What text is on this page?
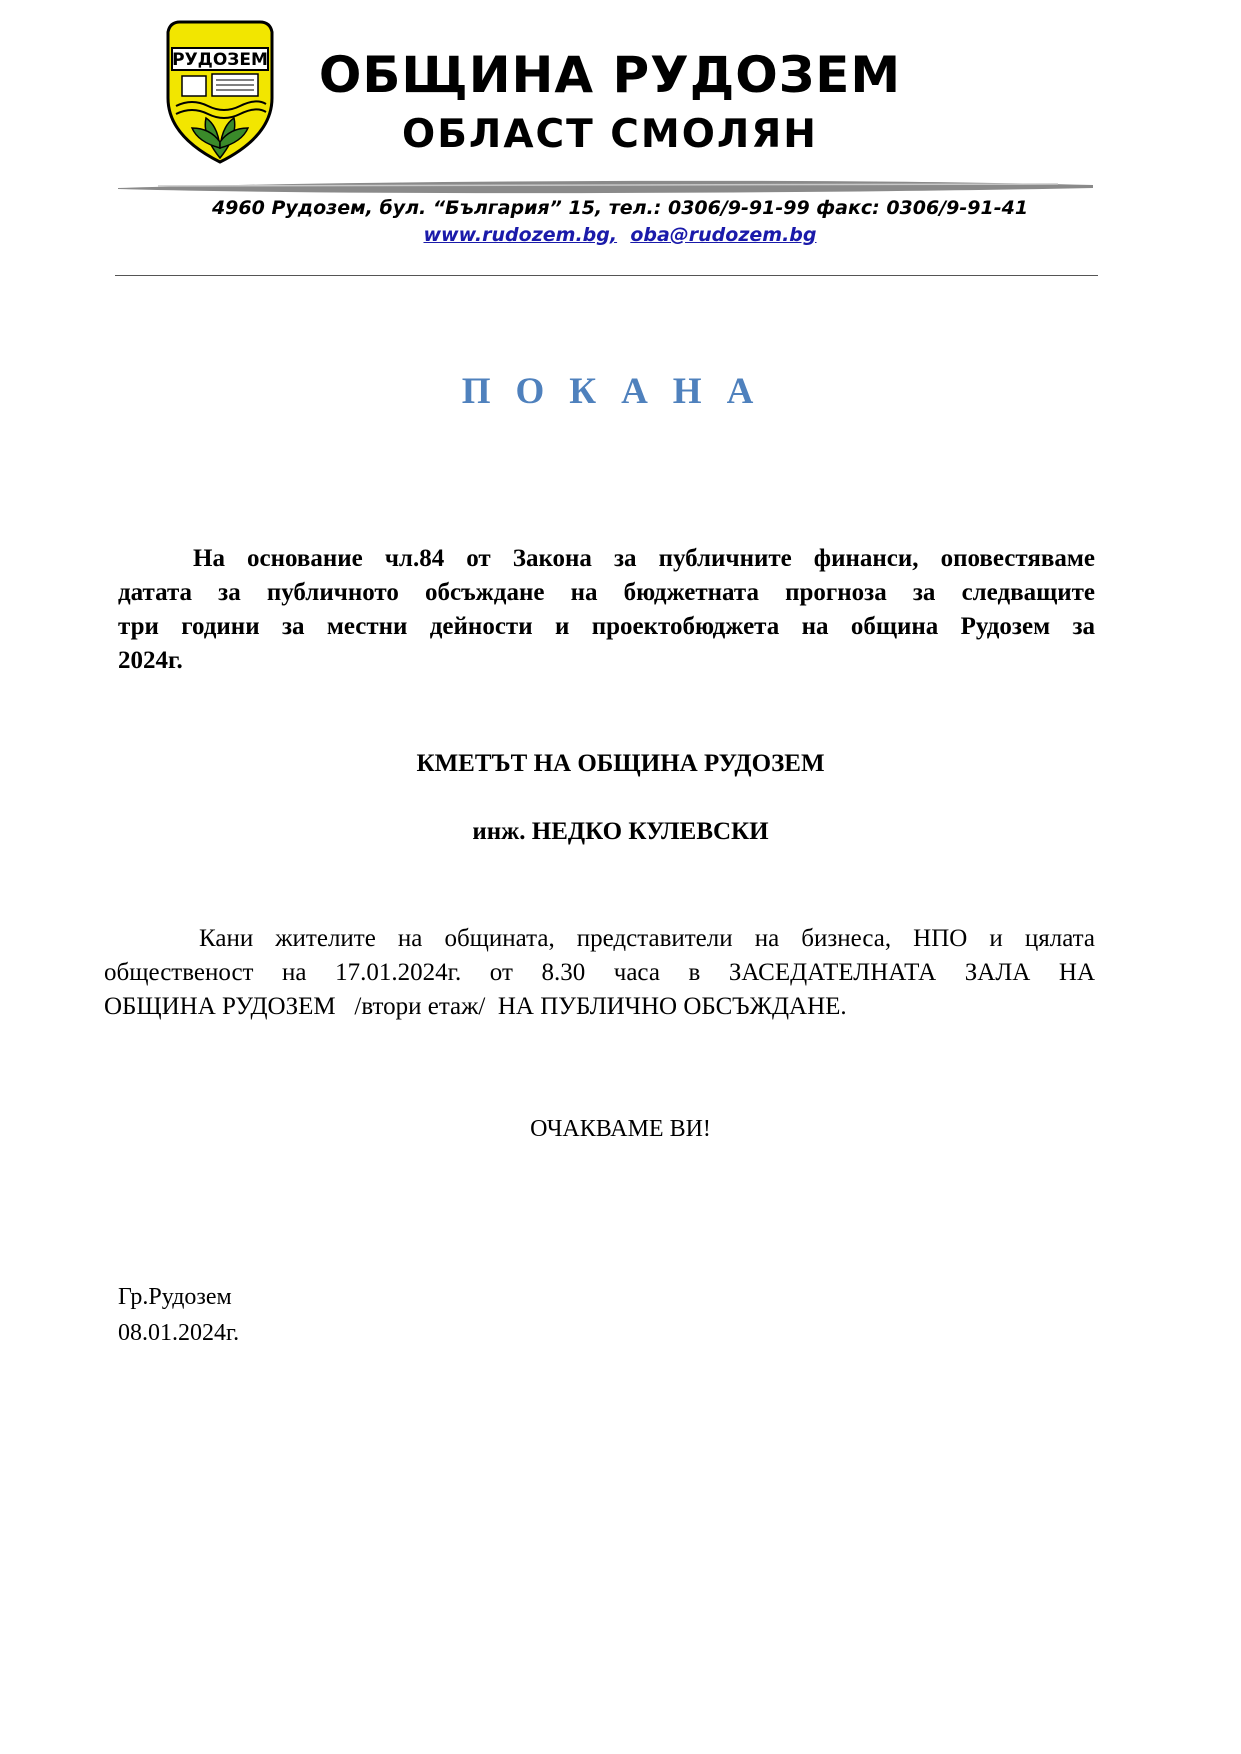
РУДОЗЕМ	ОБЩИНА РУДОЗЕМ
ОБЛАСТ СМОЛЯН
4960 Рудозем, бул. “България” 15, тел.: 0306/9-91-99 факс: 0306/9-91-41
www.rudozem.bg, oba@rudozem.bg
ПОКАНА
На основание чл.84 от Закона за публичните финанси, оповестяваме
датата за публичното обсъждане на бюджетната прогноза за следващите
три години за местни дейности и проектобюджета на община Рудозем за
2024г.
КМЕТЪТ НА ОБЩИНА РУДОЗЕМ
инж. НЕДКО КУЛЕВСКИ
Кани жителите на общината, представители на бизнеса, НПО и цялата
общественост на 17.01.2024г. от 8.30 часа в ЗАСЕДАТЕЛНАТА ЗАЛА НА
ОБЩИНА РУДОЗЕМ   /втори етаж/  НА ПУБЛИЧНО ОБСЪЖДАНЕ.
ОЧАКВАМЕ ВИ!
Гр.Рудозем
08.01.2024г.
